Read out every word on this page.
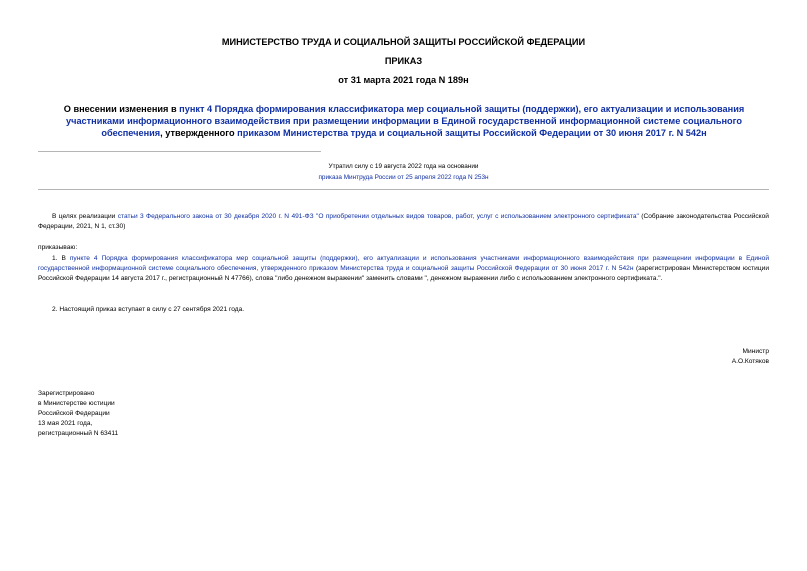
МИНИСТЕРСТВО ТРУДА И СОЦИАЛЬНОЙ ЗАЩИТЫ РОССИЙСКОЙ ФЕДЕРАЦИИ
ПРИКАЗ
от 31 марта 2021 года N 189н
О внесении изменения в пункт 4 Порядка формирования классификатора мер социальной защиты (поддержки), его актуализации и использования участниками информационного взаимодействия при размещении информации в Единой государственной информационной системе социального обеспечения, утвержденного приказом Министерства труда и социальной защиты Российской Федерации от 30 июня 2017 г. N 542н
Утратил силу с 19 августа 2022 года на основании
приказа Минтруда России от 25 апреля 2022 года N 253н
В целях реализации статьи 3 Федерального закона от 30 декабря 2020 г. N 491-ФЗ "О приобретении отдельных видов товаров, работ, услуг с использованием электронного сертификата" (Собрание законодательства Российской Федерации, 2021, N 1, ст.30)
приказываю:
1. В пункте 4 Порядка формирования классификатора мер социальной защиты (поддержки), его актуализации и использования участниками информационного взаимодействия при размещении информации в Единой государственной информационной системе социального обеспечения, утвержденного приказом Министерства труда и социальной защиты Российской Федерации от 30 июня 2017 г. N 542н (зарегистрирован Министерством юстиции Российской Федерации 14 августа 2017 г., регистрационный N 47766), слова "либо денежном выражении" заменить словами ", денежном выражении либо с использованием электронного сертификата.".
2. Настоящий приказ вступает в силу с 27 сентября 2021 года.
Министр
А.О.Котяков
Зарегистрировано
в Министерстве юстиции
Российской Федерации
13 мая 2021 года,
регистрационный N 63411
